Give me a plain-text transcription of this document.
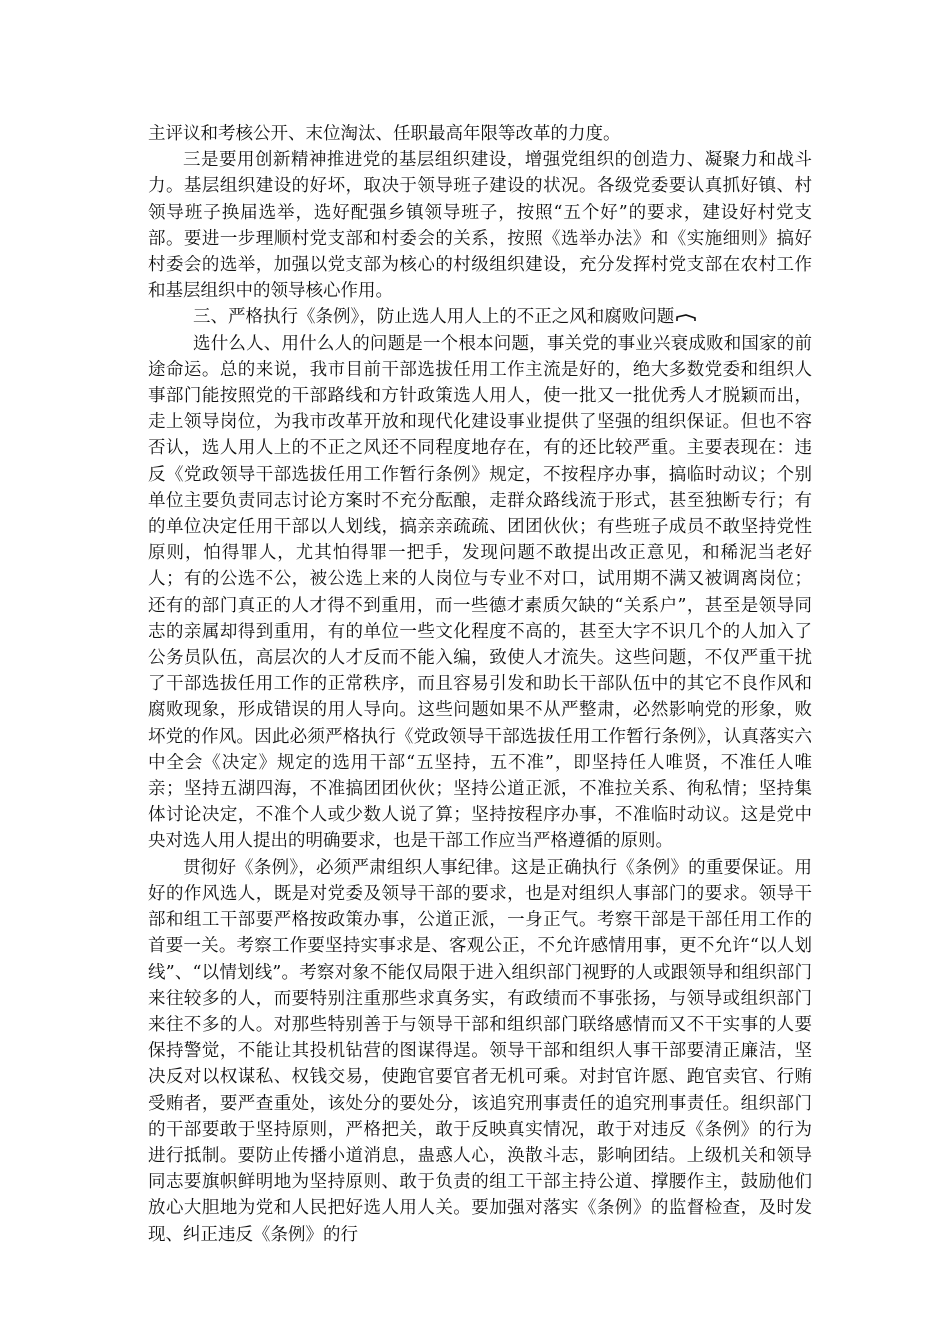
主评议和考核公开、末位淘汰、任职最高年限等改革的力度。

三是要用创新精神推进党的基层组织建设，增强党组织的创造力、凝聚力和战斗力。基层组织建设的好坏，取决于领导班子建设的状况。各级党委要认真抓好镇、村领导班子换届选举，选好配强乡镇领导班子，按照“五个好”的要求，建设好村党支部。要进一步理顺村党支部和村委会的关系，按照《选举办法》和《实施细则》搞好村委会的选举，加强以党支部为核心的村级组织建设，充分发挥村党支部在农村工作和基层组织中的领导核心作用。

三、严格执行《条例》，防止选人用人上的不正之风和腐败问题

选什么人、用什么人的问题是一个根本问题，事关党的事业兴衰成败和国家的前途命运。总的来说，我市目前干部选拔任用工作主流是好的，绝大多数党委和组织人事部门能按照党的干部路线和方针政策选人用人，使一批又一批优秀人才脱颖而出，走上领导岗位，为我市改革开放和现代化建设事业提供了坚强的组织保证。但也不容否认，选人用人上的不正之风还不同程度地存在，有的还比较严重。主要表现在：违反《党政领导干部选拔任用工作暂行条例》规定，不按程序办事，搞临时动议；个别单位主要负责同志讨论方案时不充分酝酿，走群众路线流于形式，甚至独断专行；有的单位决定任用干部以人划线，搞亲亲疏疏、团团伙伙；有些班子成员不敢坚持党性原则，怕得罪人，尤其怕得罪一把手，发现问题不敢提出改正意见，和稀泥当老好人；有的公选不公，被公选上来的人岗位与专业不对口，试用期不满又被调离岗位；还有的部门真正的人才得不到重用，而一些德才素质欠缺的“关系户”，甚至是领导同志的亲属却得到重用，有的单位一些文化程度不高的，甚至大字不识几个的人加入了公务员队伍，高层次的人才反而不能入编，致使人才流失。这些问题，不仅严重干扰了干部选拔任用工作的正常秩序，而且容易引发和助长干部队伍中的其它不良作风和腐败现象，形成错误的用人导向。这些问题如果不从严整肃，必然影响党的形象，败坏党的作风。因此必须严格执行《党政领导干部选拔任用工作暂行条例》，认真落实六中全会《决定》规定的选用干部“五坚持，五不准”，即坚持任人唯贤，不准任人唯亲；坚持五湖四海，不准搞团团伙伙；坚持公道正派，不准拉关系、徇私情；坚持集体讨论决定，不准个人或少数人说了算；坚持按程序办事，不准临时动议。这是党中央对选人用人提出的明确要求，也是干部工作应当严格遵循的原则。

贯彻好《条例》，必须严肃组织人事纪律。这是正确执行《条例》的重要保证。用好的作风选人，既是对党委及领导干部的要求，也是对组织人事部门的要求。领导干部和组工干部要严格按政策办事，公道正派，一身正气。考察干部是干部任用工作的首要一关。考察工作要坚持实事求是、客观公正，不允许感情用事，更不允许“以人划线”、“以情划线”。考察对象不能仅局限于进入组织部门视野的人或跟领导和组织部门来往较多的人，而要特别注重那些求真务实，有政绩而不事张扬，与领导或组织部门来往不多的人。对那些特别善于与领导干部和组织部门联络感情而又不干实事的人要保持警觉，不能让其投机钻营的图谋得逞。领导干部和组织人事干部要清正廉洁，坚决反对以权谋私、权钱交易，使跑官要官者无机可乘。对封官许愿、跑官卖官、行贿受贿者，要严查重处，该处分的要处分，该追究刑事责任的追究刑事责任。组织部门的干部要敢于坚持原则，严格把关，敢于反映真实情况，敢于对违反《条例》的行为进行抵制。要防止传播小道消息，蛊惑人心，涣散斗志，影响团结。上级机关和领导同志要旗帜鲜明地为坚持原则、敢于负责的组工干部主持公道、撑腰作主，鼓励他们放心大胆地为党和人民把好选人用人关。要加强对落实《条例》的监督检查，及时发现、纠正违反《条例》的行
